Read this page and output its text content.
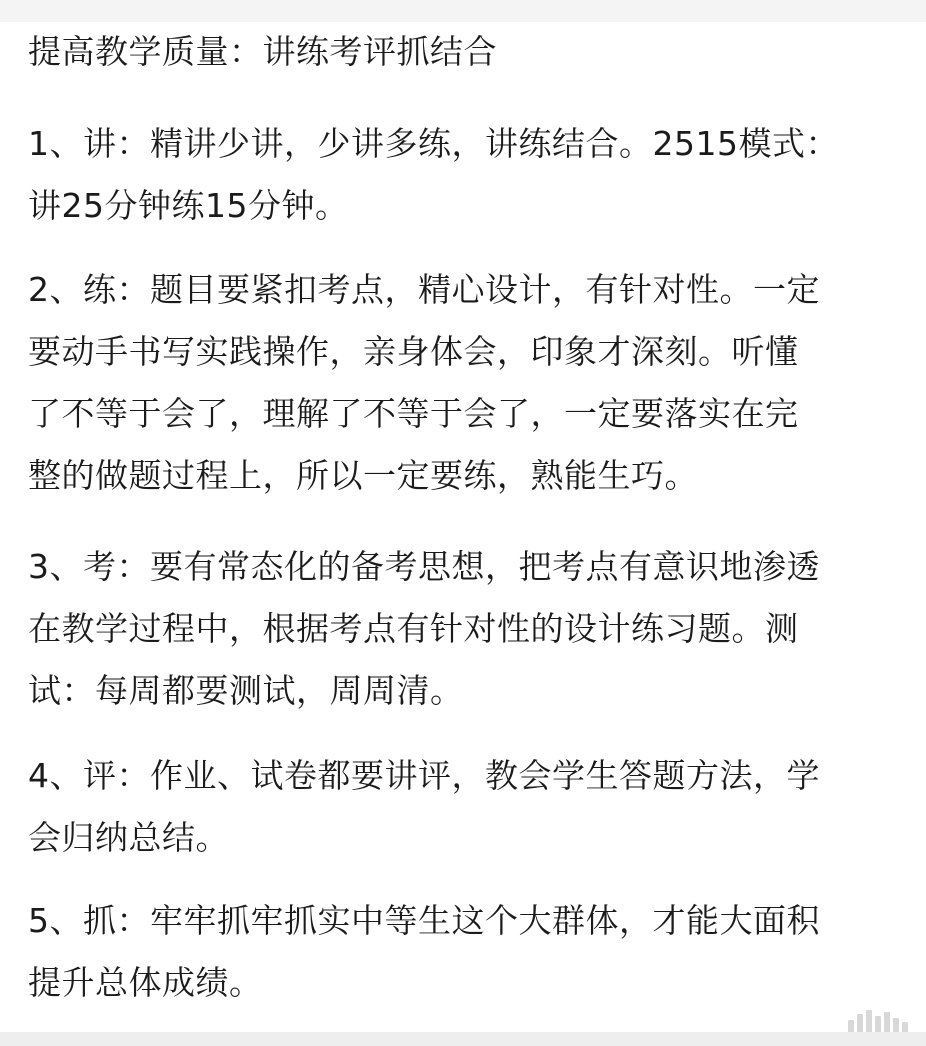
提高教学质量：讲练考评抓结合
1、讲：精讲少讲，少讲多练，讲练结合。2515模式：
讲25分钟练15分钟。
2、练：题目要紧扣考点，精心设计，有针对性。一定
要动手书写实践操作，亲身体会，印象才深刻。听懂
了不等于会了，理解了不等于会了，一定要落实在完
整的做题过程上，所以一定要练，熟能生巧。
3、考：要有常态化的备考思想，把考点有意识地渗透
在教学过程中，根据考点有针对性的设计练习题。测
试：每周都要测试，周周清。
4、评：作业、试卷都要讲评，教会学生答题方法，学
会归纳总结。
5、抓：牢牢抓牢抓实中等生这个大群体，才能大面积
提升总体成绩。
